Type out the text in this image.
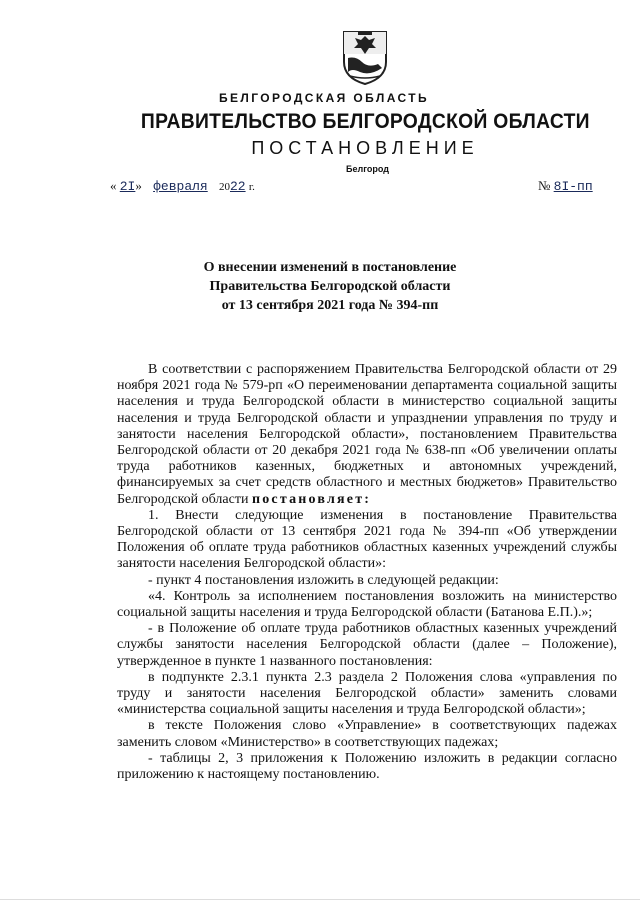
БЕЛГОРОДСКАЯ ОБЛАСТЬ
ПРАВИТЕЛЬСТВО БЕЛГОРОДСКОЙ ОБЛАСТИ
ПОСТАНОВЛЕНИЕ
Белгород
« 2I» февраля 2022 г.	№ 8I-пп
О внесении изменений в постановление
Правительства Белгородской области
от 13 сентября 2021 года № 394-пп

В соответствии с распоряжением Правительства Белгородской области от 29 ноября 2021 года № 579-рп «О переименовании департамента социальной защиты населения и труда Белгородской области в министерство социальной защиты населения и труда Белгородской области и упразднении управления по труду и занятости населения Белгородской области», постановлением Правительства Белгородской области от 20 декабря 2021 года № 638-пп «Об увеличении оплаты труда работников казенных, бюджетных и автономных учреждений, финансируемых за счет средств областного и местных бюджетов» Правительство Белгородской области постановляет:

1. Внести следующие изменения в постановление Правительства Белгородской области от 13 сентября 2021 года № 394-пп «Об утверждении Положения об оплате труда работников областных казенных учреждений службы занятости населения Белгородской области»:

- пункт 4 постановления изложить в следующей редакции:

«4. Контроль за исполнением постановления возложить на министерство социальной защиты населения и труда Белгородской области (Батанова Е.П.).»;

- в Положение об оплате труда работников областных казенных учреждений службы занятости населения Белгородской области (далее – Положение), утвержденное в пункте 1 названного постановления:

в подпункте 2.3.1 пункта 2.3 раздела 2 Положения слова «управления по труду и занятости населения Белгородской области» заменить словами «министерства социальной защиты населения и труда Белгородской области»;

в тексте Положения слово «Управление» в соответствующих падежах заменить словом «Министерство» в соответствующих падежах;

- таблицы 2, 3 приложения к Положению изложить в редакции согласно приложению к настоящему постановлению.
